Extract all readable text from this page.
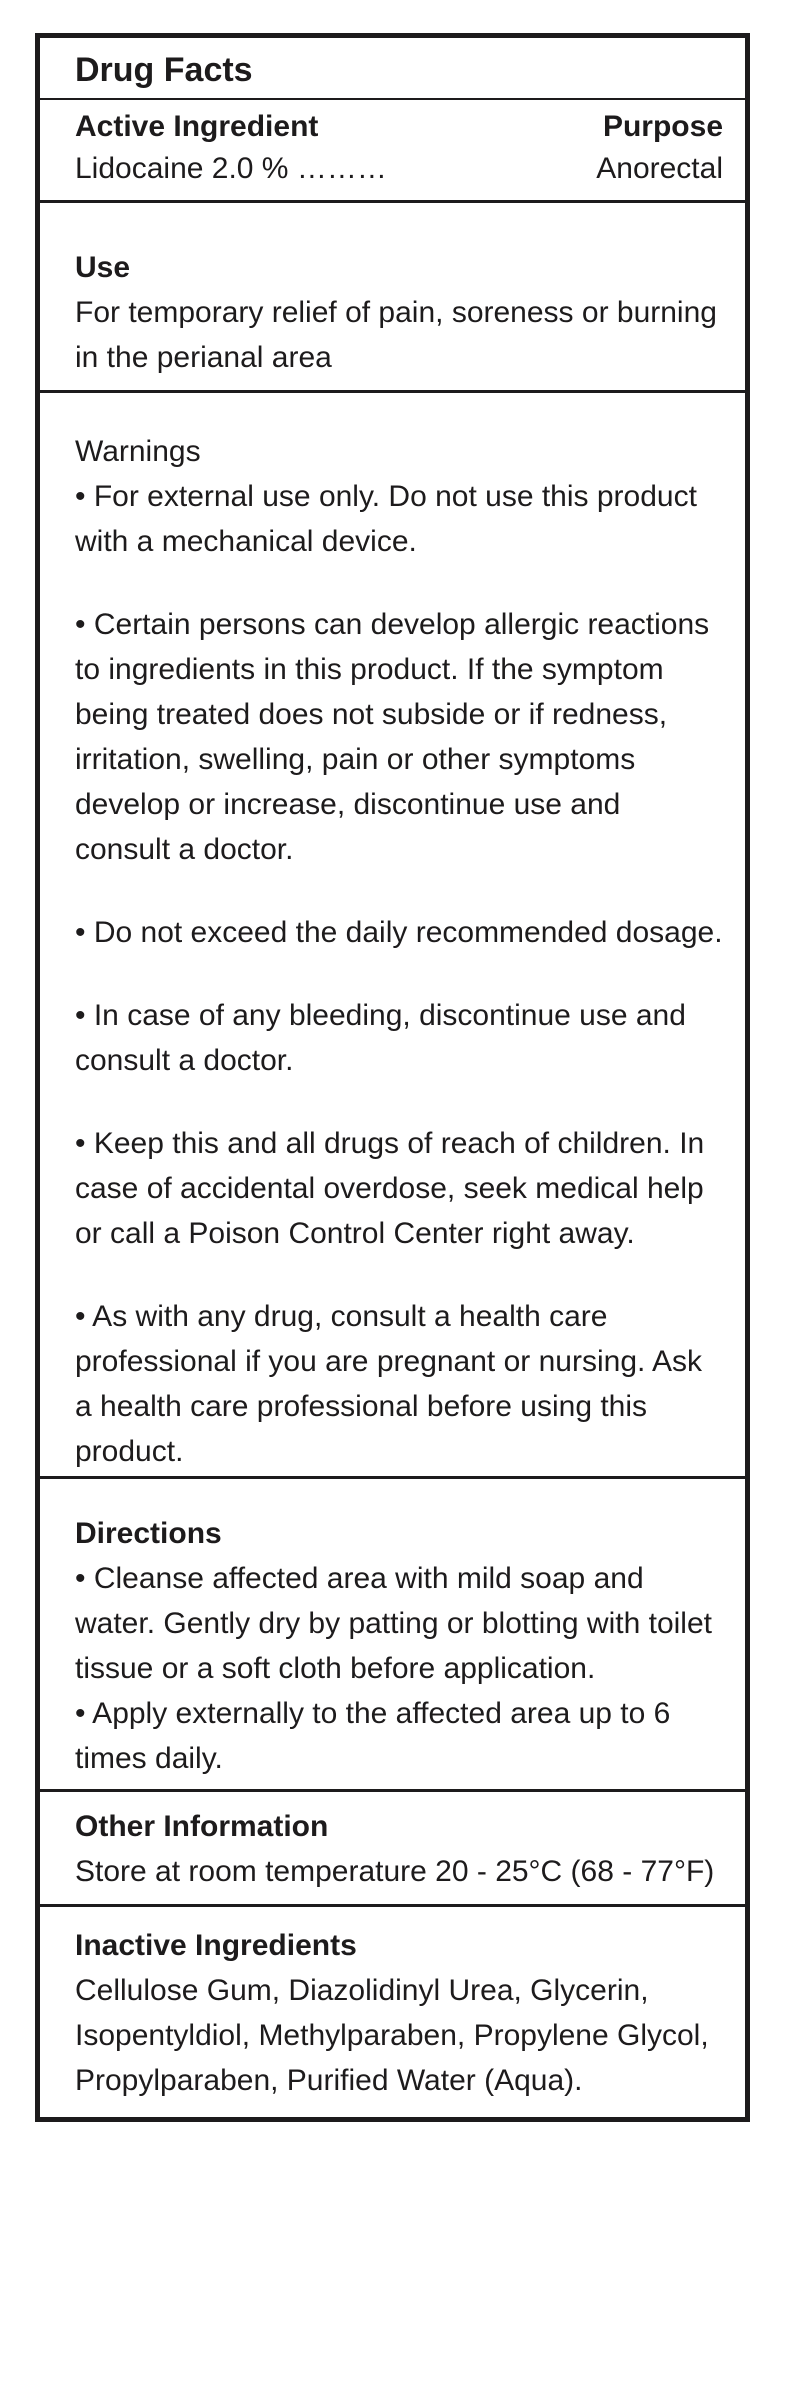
Drug Facts
Active Ingredient	Purpose
Lidocaine 2.0 % ………	Anorectal
Use

For temporary relief of pain, soreness or burning in the perianal area

Warnings

• For external use only. Do not use this product with a mechanical device.

• Certain persons can develop allergic reactions to ingredients in this product. If the symptom being treated does not subside or if redness, irritation, swelling, pain or other symptoms develop or increase, discontinue use and consult a doctor.

• Do not exceed the daily recommended dosage.

• In case of any bleeding, discontinue use and consult a doctor.

• Keep this and all drugs of reach of children. In case of accidental overdose, seek medical help or call a Poison Control Center right away.

• As with any drug, consult a health care professional if you are pregnant or nursing. Ask a health care professional before using this product.

Directions

• Cleanse affected area with mild soap and water. Gently dry by patting or blotting with toilet tissue or a soft cloth before application.

• Apply externally to the affected area up to 6 times daily.

Other Information

Store at room temperature 20 - 25°C (68 - 77°F)

Inactive Ingredients

Cellulose Gum, Diazolidinyl Urea, Glycerin, Isopentyldiol, Methylparaben, Propylene Glycol, Propylparaben, Purified Water (Aqua).
